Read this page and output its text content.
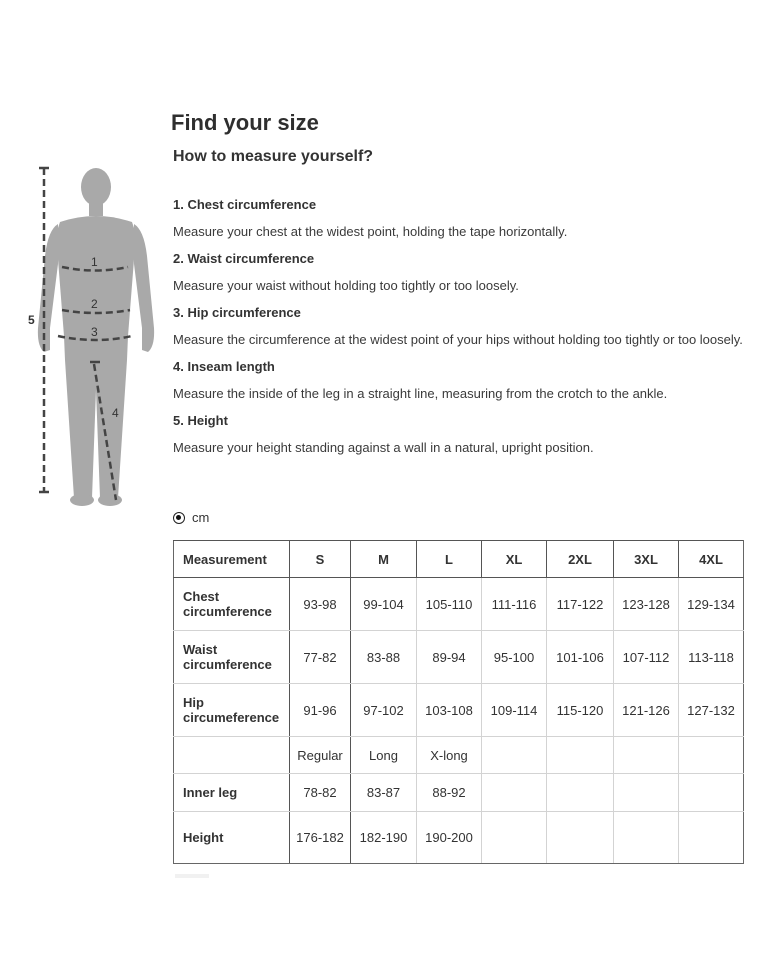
1
2
3
4
5
Find your size
How to measure yourself?

1. Chest circumference

Measure your chest at the widest point, holding the tape horizontally.

2. Waist circumference

Measure your waist without holding too tightly or too loosely.

3. Hip circumference

Measure the circumference at the widest point of your hips without holding too tightly or too loosely.

4. Inseam length

Measure the inside of the leg in a straight line, measuring from the crotch to the ankle.

5. Height

Measure your height standing against a wall in a natural, upright position.

cm
Measurement	S	M	L	XL	2XL	3XL	4XL
Chest circumference	93-98	99-104	105-110	111-116	117-122	123-128	129-134
Waist circumference	77-82	83-88	89-94	95-100	101-106	107-112	113-118
Hip circumeference	91-96	97-102	103-108	109-114	115-120	121-126	127-132
	Regular	Long	X-long				
Inner leg	78-82	83-87	88-92				
Height	176-182	182-190	190-200				
